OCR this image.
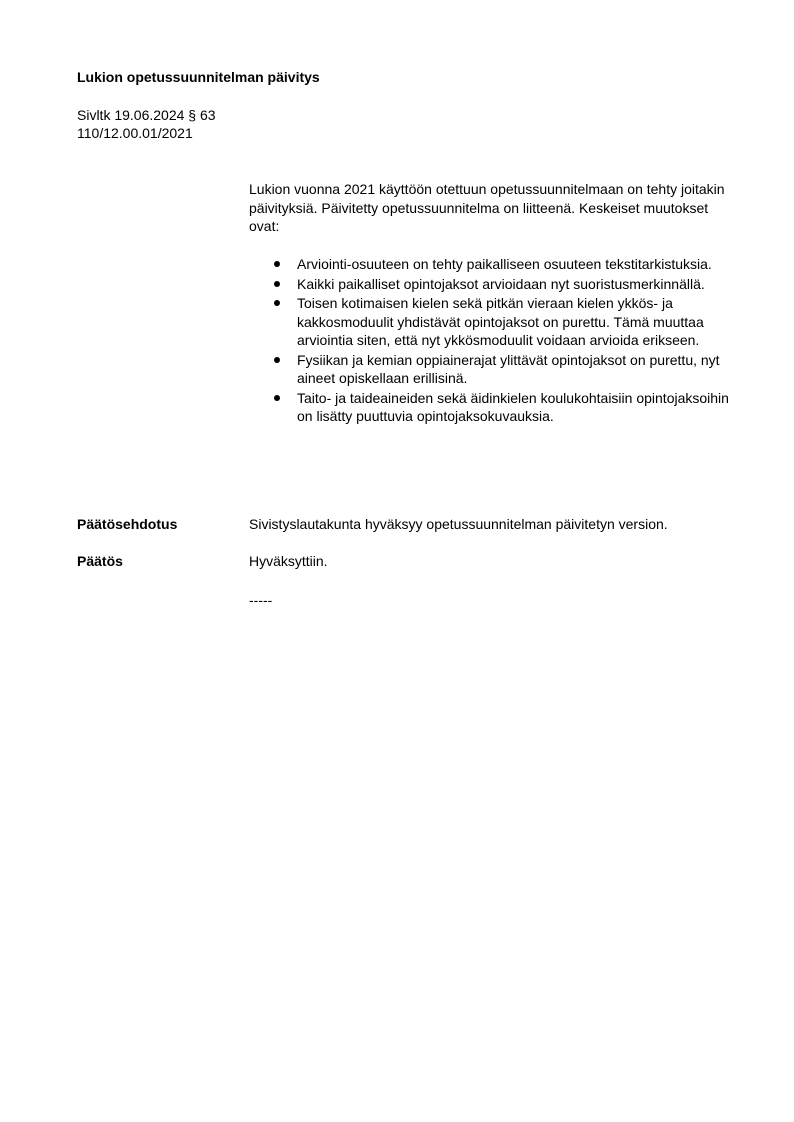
Lukion opetussuunnitelman päivitys
Sivltk 19.06.2024 § 63
110/12.00.01/2021

Lukion vuonna 2021 käyttöön otettuun opetussuunnitelmaan on tehty joitakin päivityksiä. Päivitetty opetussuunnitelma on liitteenä. Keskeiset muutokset ovat:

Arviointi-osuuteen on tehty paikalliseen osuuteen tekstitarkistuksia.
Kaikki paikalliset opintojaksot arvioidaan nyt suoristusmerkinnällä.
Toisen kotimaisen kielen sekä pitkän vieraan kielen ykkös- ja kakkosmoduulit yhdistävät opintojaksot on purettu. Tämä muuttaa arviointia siten, että nyt ykkösmoduulit voidaan arvioida erikseen.
Fysiikan ja kemian oppiainerajat ylittävät opintojaksot on purettu, nyt aineet opiskellaan erillisinä.
Taito- ja taideaineiden sekä äidinkielen koulukohtaisiin opintojaksoihin on lisätty puuttuvia opintojaksokuvauksia.
Päätösehdotus	Sivistyslautakunta hyväksyy opetussuunnitelman päivitetyn version.
Päätös	Hyväksyttiin.
-----
